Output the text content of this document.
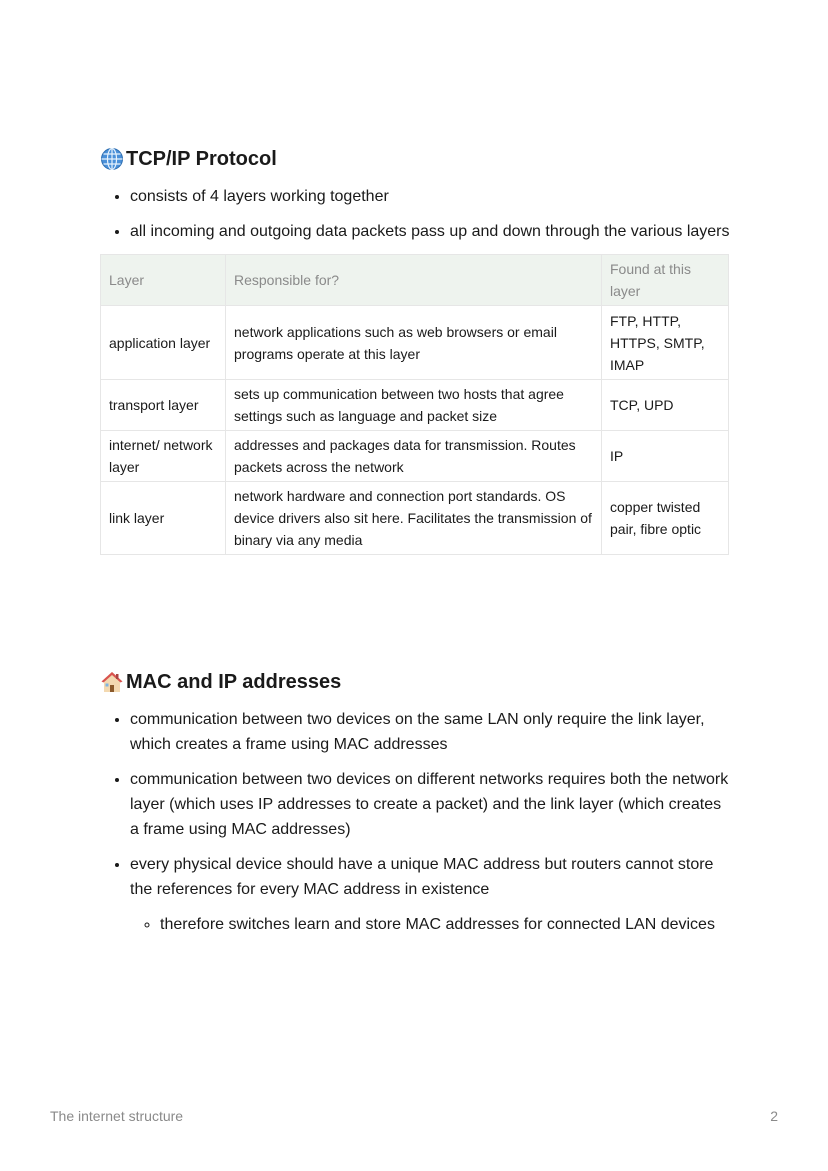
TCP/IP Protocol
• consists of 4 layers working together
• all incoming and outgoing data packets pass up and down through the various layers
Layer	Responsible for?	Found at this layer
application layer	network applications such as web browsers or email programs operate at this layer	FTP, HTTP, HTTPS, SMTP, IMAP
transport layer	sets up communication between two hosts that agree settings such as language and packet size	TCP, UPD
internet/ network layer	addresses and packages data for transmission. Routes packets across the network	IP
link layer	network hardware and connection port standards. OS device drivers also sit here. Facilitates the transmission of binary via any media	copper twisted pair, fibre optic
MAC and IP addresses
• communication between two devices on the same LAN only require the link layer, which creates a frame using MAC addresses
• communication between two devices on different networks requires both the network layer (which uses IP addresses to create a packet) and the link layer (which creates a frame using MAC addresses)
• every physical device should have a unique MAC address but routers cannot store the references for every MAC address in existence
◦ therefore switches learn and store MAC addresses for connected LAN devices
The internet structure	2
